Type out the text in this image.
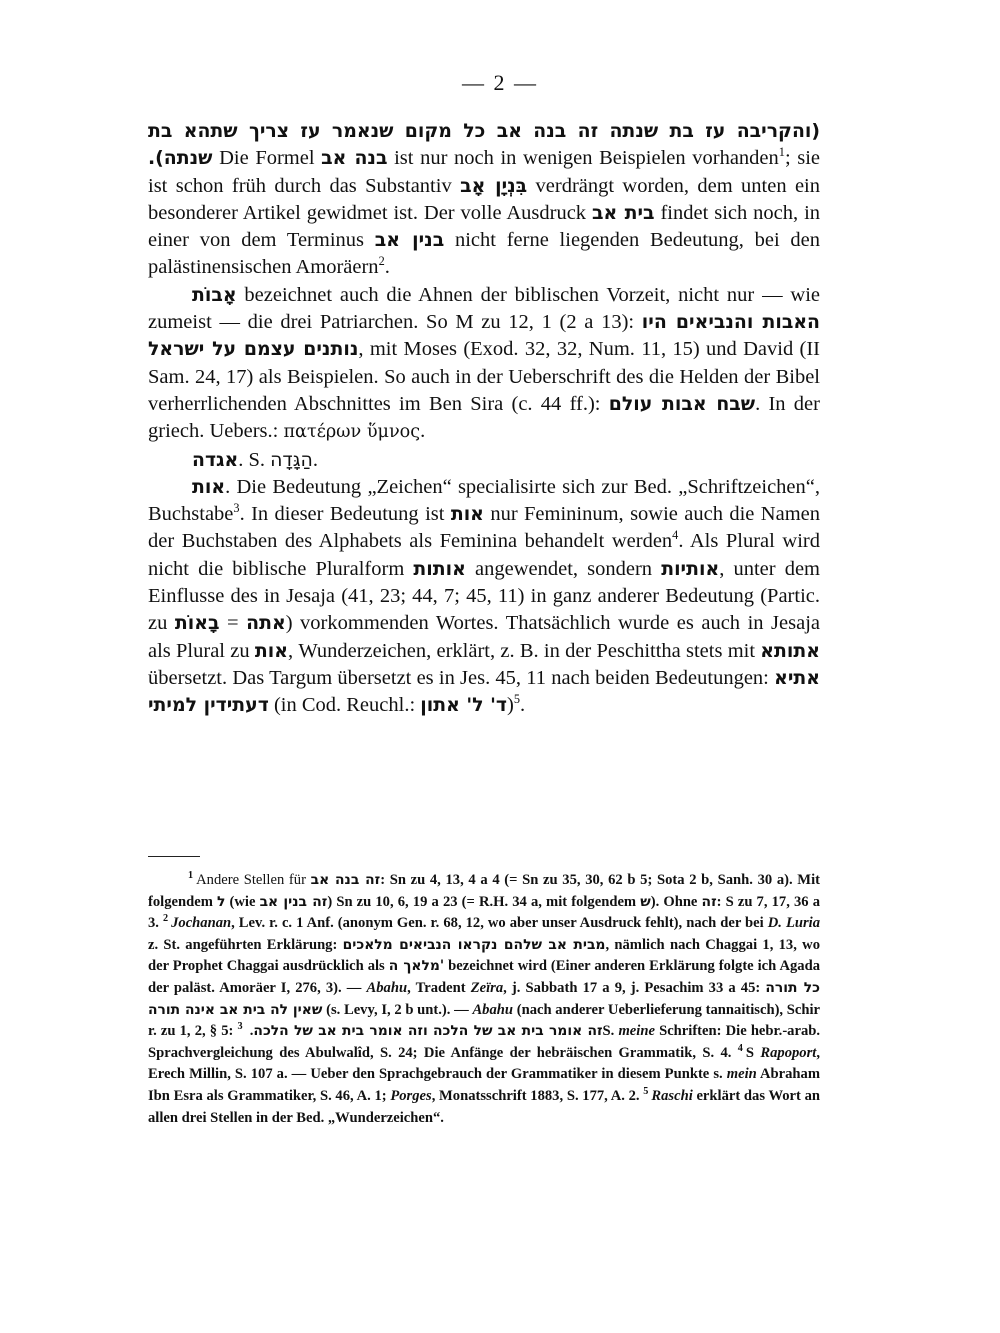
— 2 —

(והקריבה עז בת שנתה זה בנה אב כל מקום שנאמר עז צריך שתהא בת שנתה). Die Formel בנה אב ist nur noch in wenigen Beispielen vorhanden$^1$; sie ist schon früh durch das Substantiv בִּנְיָן אָב verdrängt worden, dem unten ein besonderer Artikel gewidmet ist. Der volle Ausdruck בית אב findet sich noch, in einer von dem Terminus בנין אב nicht ferne liegenden Bedeutung, bei den palästinensischen Amoräern$^2$.

אָבוֹת bezeichnet auch die Ahnen der biblischen Vorzeit, nicht nur — wie zumeist — die drei Patriarchen. So M zu 12, 1 (2 a 13): האבות והנביאים היו נותנים עצמם על ישראל, mit Moses (Exod. 32, 32, Num. 11, 15) und David (II Sam. 24, 17) als Beispielen. So auch in der Ueberschrift des die Helden der Bibel verherrlichenden Abschnittes im Ben Sira (c. 44 ff.): שבח אבות עולם. In der griech. Uebers.: πατέρων ὕμνος.

אגדה. S. הַגָּדָה.

אות. Die Bedeutung „Zeichen“ specialisirte sich zur Bed. „Schriftzeichen“, Buchstabe$^3$. In dieser Bedeutung ist אות nur Femininum, sowie auch die Namen der Buchstaben des Alphabets als Feminina behandelt werden$^4$. Als Plural wird nicht die biblische Pluralform אותות angewendet, sondern אותיות, unter dem Einflusse des in Jesaja (41, 23; 44, 7; 45, 11) in ganz anderer Bedeutung (Partic. zu	אתה = בָאוֹת	) vorkommenden Wortes. Thatsächlich wurde es auch in Jesaja als Plural zu אות, Wunderzeichen, erklärt, z. B. in der Peschittha stets mit אתותא übersetzt. Das Targum übersetzt es in Jes. 45, 11 nach beiden Bedeutungen: אתיא דעתידין למיתי (in Cod. Reuchl.: ד' ל' אתון)$^5$.

$^1$ Andere Stellen für זה בנה אב: Sn zu 4, 13, 4 a 4 (= Sn zu 35, 30, 62 b 5; Sota 2 b, Sanh. 30 a). Mit folgendem ל (wie זה בנין אב) Sn zu 10, 6, 19 a 23 (= R.H. 34 a, mit folgendem ש). Ohne זה: S zu 7, 17, 36 a 3. $^2$ Jochanan, Lev. r. c. 1 Anf. (anonym Gen. r. 68, 12, wo aber unser Ausdruck fehlt), nach der bei D. Luria z. St. angeführten Erklärung: מבית אב שלהם נקראו הנביאים מלאכים, nämlich nach Chaggai 1, 13, wo der Prophet Chaggai ausdrücklich als מלאך ה' bezeichnet wird (Einer anderen Erklärung folgte ich Agada der paläst. Amoräer I, 276, 3). — Abahu, Tradent Zeïra, j. Sabbath 17 a 9, j. Pesachim 33 a 45: כל תורה שאין לה בית אב אינה תורה (s. Levy, I, 2 b unt.). — Abahu (nach anderer Ueberlieferung tannaitisch), Schir r. zu 1, 2, § 5: זה אומר בית אב של הלכה וזה אומר בית אב של הלכה. $^3$	S. meine Schriften: Die hebr.-arab. Sprachvergleichung des Abulwalîd, S. 24; Die Anfänge der hebräischen Grammatik, S. 4. $^4$ S Rapoport, Erech Millin, S. 107 a. — Ueber den Sprachgebrauch der Grammatiker in diesem Punkte s. mein Abraham Ibn Esra als Grammatiker, S. 46, A. 1; Porges, Monatsschrift 1883, S. 177, A. 2. $^5$ Raschi erklärt das Wort an allen drei Stellen in der Bed. „Wunderzeichen“.
